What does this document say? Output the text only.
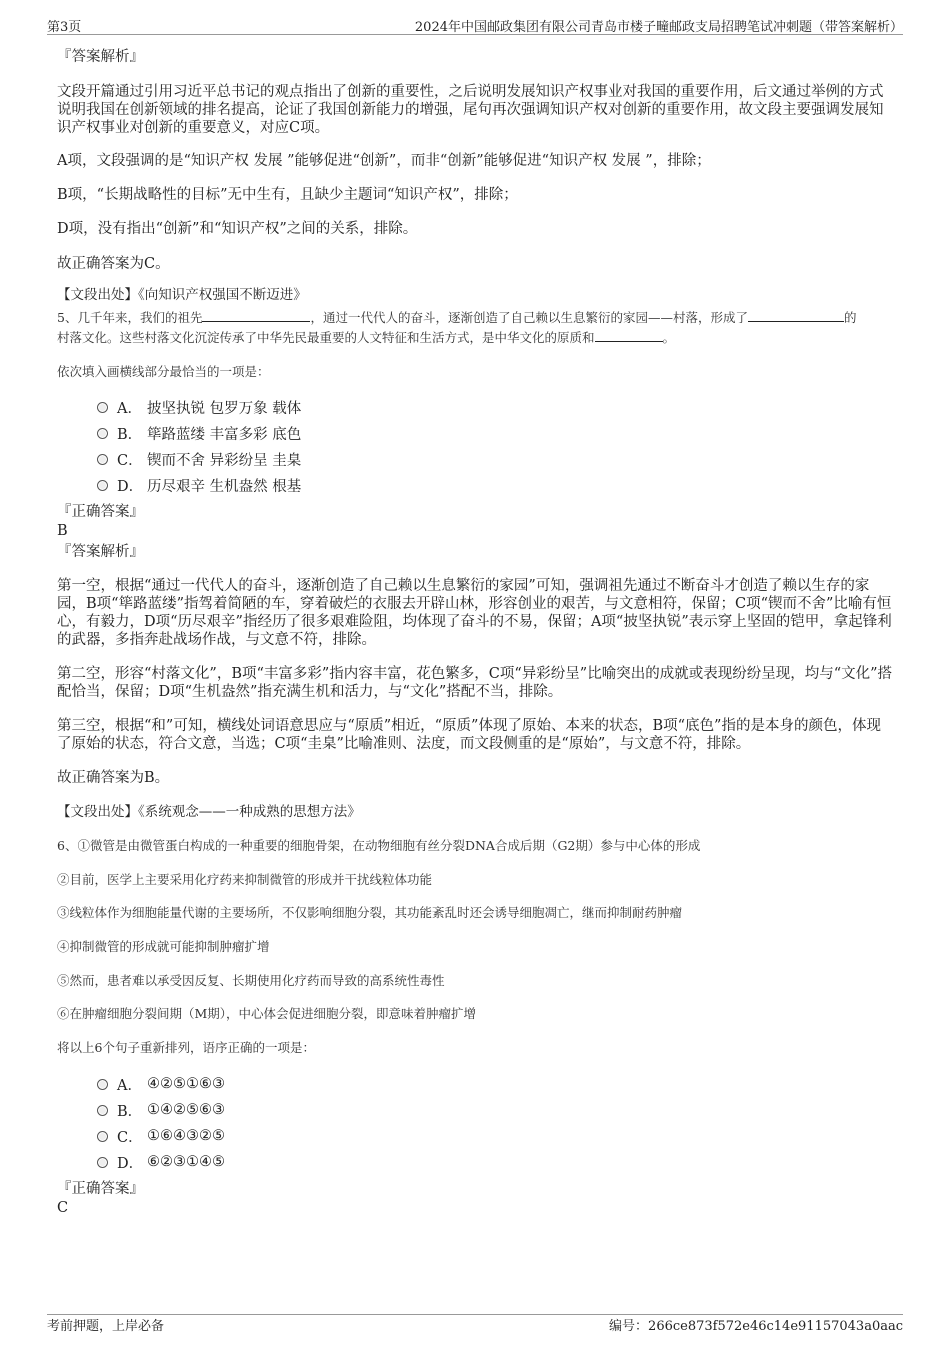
第3页	2024年中国邮政集团有限公司青岛市楼子疃邮政支局招聘笔试冲刺题（带答案解析）
『答案解析』
文段开篇通过引用习近平总书记的观点指出了创新的重要性，之后说明发展知识产权事业对我国的重要作用，后文通过举例的方式说明我国在创新领域的排名提高，论证了我国创新能力的增强，尾句再次强调知识产权对创新的重要作用，故文段主要强调发展知识产权事业对创新的重要意义，对应C项。
A项，文段强调的是“知识产权 发展 ”能够促进“创新”，而非“创新”能够促进“知识产权 发展 ”，排除；
B项，“长期战略性的目标”无中生有，且缺少主题词“知识产权”，排除；
D项，没有指出“创新”和“知识产权”之间的关系，排除。
故正确答案为C。
【文段出处】《向知识产权强国不断迈进》
5、几千年来，我们的祖先	，通过一代代人的奋斗，逐渐创造了自己赖以生息繁衍的家园——村落，形成了	的
村落文化。这些村落文化沉淀传承了中华先民最重要的人文特征和生活方式，是中华文化的原质和	。
依次填入画横线部分最恰当的一项是：
A． 披坚执锐 包罗万象 载体
B． 筚路蓝缕 丰富多彩 底色
C． 锲而不舍 异彩纷呈 圭臬
D． 历尽艰辛 生机盎然 根基
『正确答案』
B
『答案解析』
第一空，根据“通过一代代人的奋斗，逐渐创造了自己赖以生息繁衍的家园”可知，强调祖先通过不断奋斗才创造了赖以生存的家园，B项“筚路蓝缕”指驾着简陋的车，穿着破烂的衣服去开辟山林，形容创业的艰苦，与文意相符，保留；C项“锲而不舍”比喻有恒心，有毅力，D项“历尽艰辛”指经历了很多艰难险阻，均体现了奋斗的不易，保留；A项“披坚执锐”表示穿上坚固的铠甲，拿起锋利的武器，多指奔赴战场作战，与文意不符，排除。
第二空，形容“村落文化”，B项“丰富多彩”指内容丰富，花色繁多，C项“异彩纷呈”比喻突出的成就或表现纷纷呈现，均与“文化”搭配恰当，保留；D项“生机盎然”指充满生机和活力，与“文化”搭配不当，排除。
第三空，根据“和”可知，横线处词语意思应与“原质”相近，“原质”体现了原始、本来的状态，B项“底色”指的是本身的颜色，体现了原始的状态，符合文意，当选；C项“圭臬”比喻准则、法度，而文段侧重的是“原始”，与文意不符，排除。
故正确答案为B。
【文段出处】《系统观念——一种成熟的思想方法》
6、①微管是由微管蛋白构成的一种重要的细胞骨架，在动物细胞有丝分裂DNA合成后期（G2期）参与中心体的形成
②目前，医学上主要采用化疗药来抑制微管的形成并干扰线粒体功能
③线粒体作为细胞能量代谢的主要场所，不仅影响细胞分裂，其功能紊乱时还会诱导细胞凋亡，继而抑制耐药肿瘤
④抑制微管的形成就可能抑制肿瘤扩增
⑤然而，患者难以承受因反复、长期使用化疗药而导致的高系统性毒性
⑥在肿瘤细胞分裂间期（M期），中心体会促进细胞分裂，即意味着肿瘤扩增
将以上6个句子重新排列，语序正确的一项是：
A． ④②⑤①⑥③
B． ①④②⑤⑥③
C． ①⑥④③②⑤
D． ⑥②③①④⑤
『正确答案』
C
考前押题，上岸必备	编号：266ce873f572e46c14e91157043a0aac
